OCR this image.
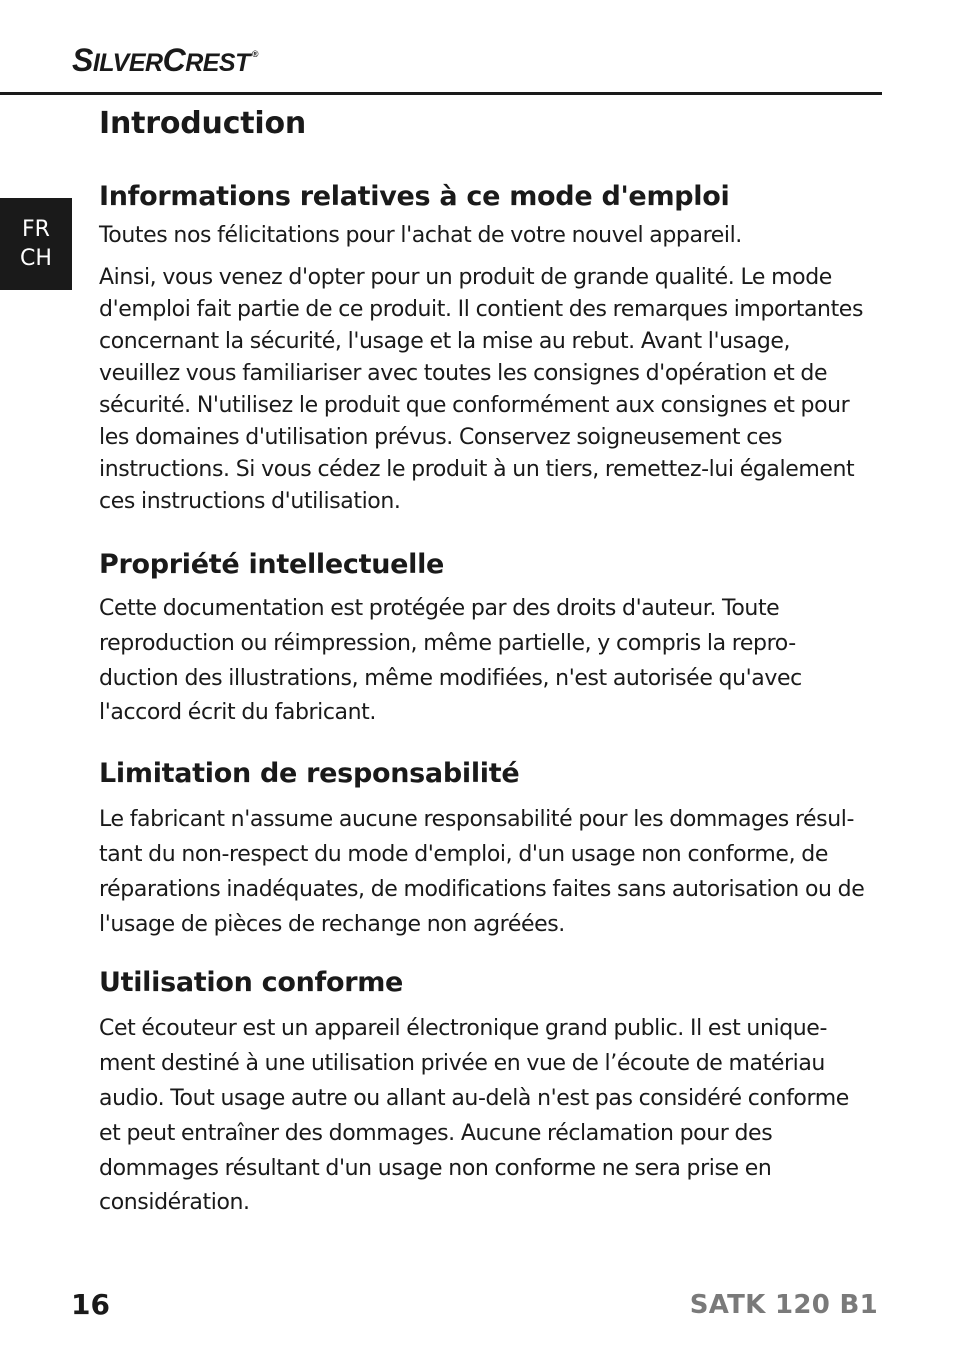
SILVERCREST ®
FR
CH
Introduction
Informations relatives à ce mode d'emploi

Toutes nos félicitations pour l'achat de votre nouvel appareil.

Ainsi, vous venez d'opter pour un produit de grande qualité. Le mode d'emploi fait partie de ce produit. Il contient des remarques importantes concernant la sécurité, l'usage et la mise au rebut. Avant l'usage, veuillez vous familiariser avec toutes les consignes d'opération et de sécurité. N'utilisez le produit que conformément aux consignes et pour les domaines d'utilisation prévus. Conservez soigneusement ces instructions. Si vous cédez le produit à un tiers, remettez-lui également ces instructions d'utilisation.

Propriété intellectuelle

Cette documentation est protégée par des droits d'auteur. Toute reproduction ou réimpression, même partielle, y compris la repro-duction des illustrations, même modifiées, n'est autorisée qu'avec l'accord écrit du fabricant.

Limitation de responsabilité

Le fabricant n'assume aucune responsabilité pour les dommages résul-tant du non-respect du mode d'emploi, d'un usage non conforme, de réparations inadéquates, de modifications faites sans autorisation ou de l'usage de pièces de rechange non agréées.

Utilisation conforme

Cet écouteur est un appareil électronique grand public. Il est unique-ment destiné à une utilisation privée en vue de l’écoute de matériau audio. Tout usage autre ou allant au-delà n'est pas considéré conforme et peut entraîner des dommages. Aucune réclamation pour des dommages résultant d'un usage non conforme ne sera prise en considération.

16	SATK 120 B1
